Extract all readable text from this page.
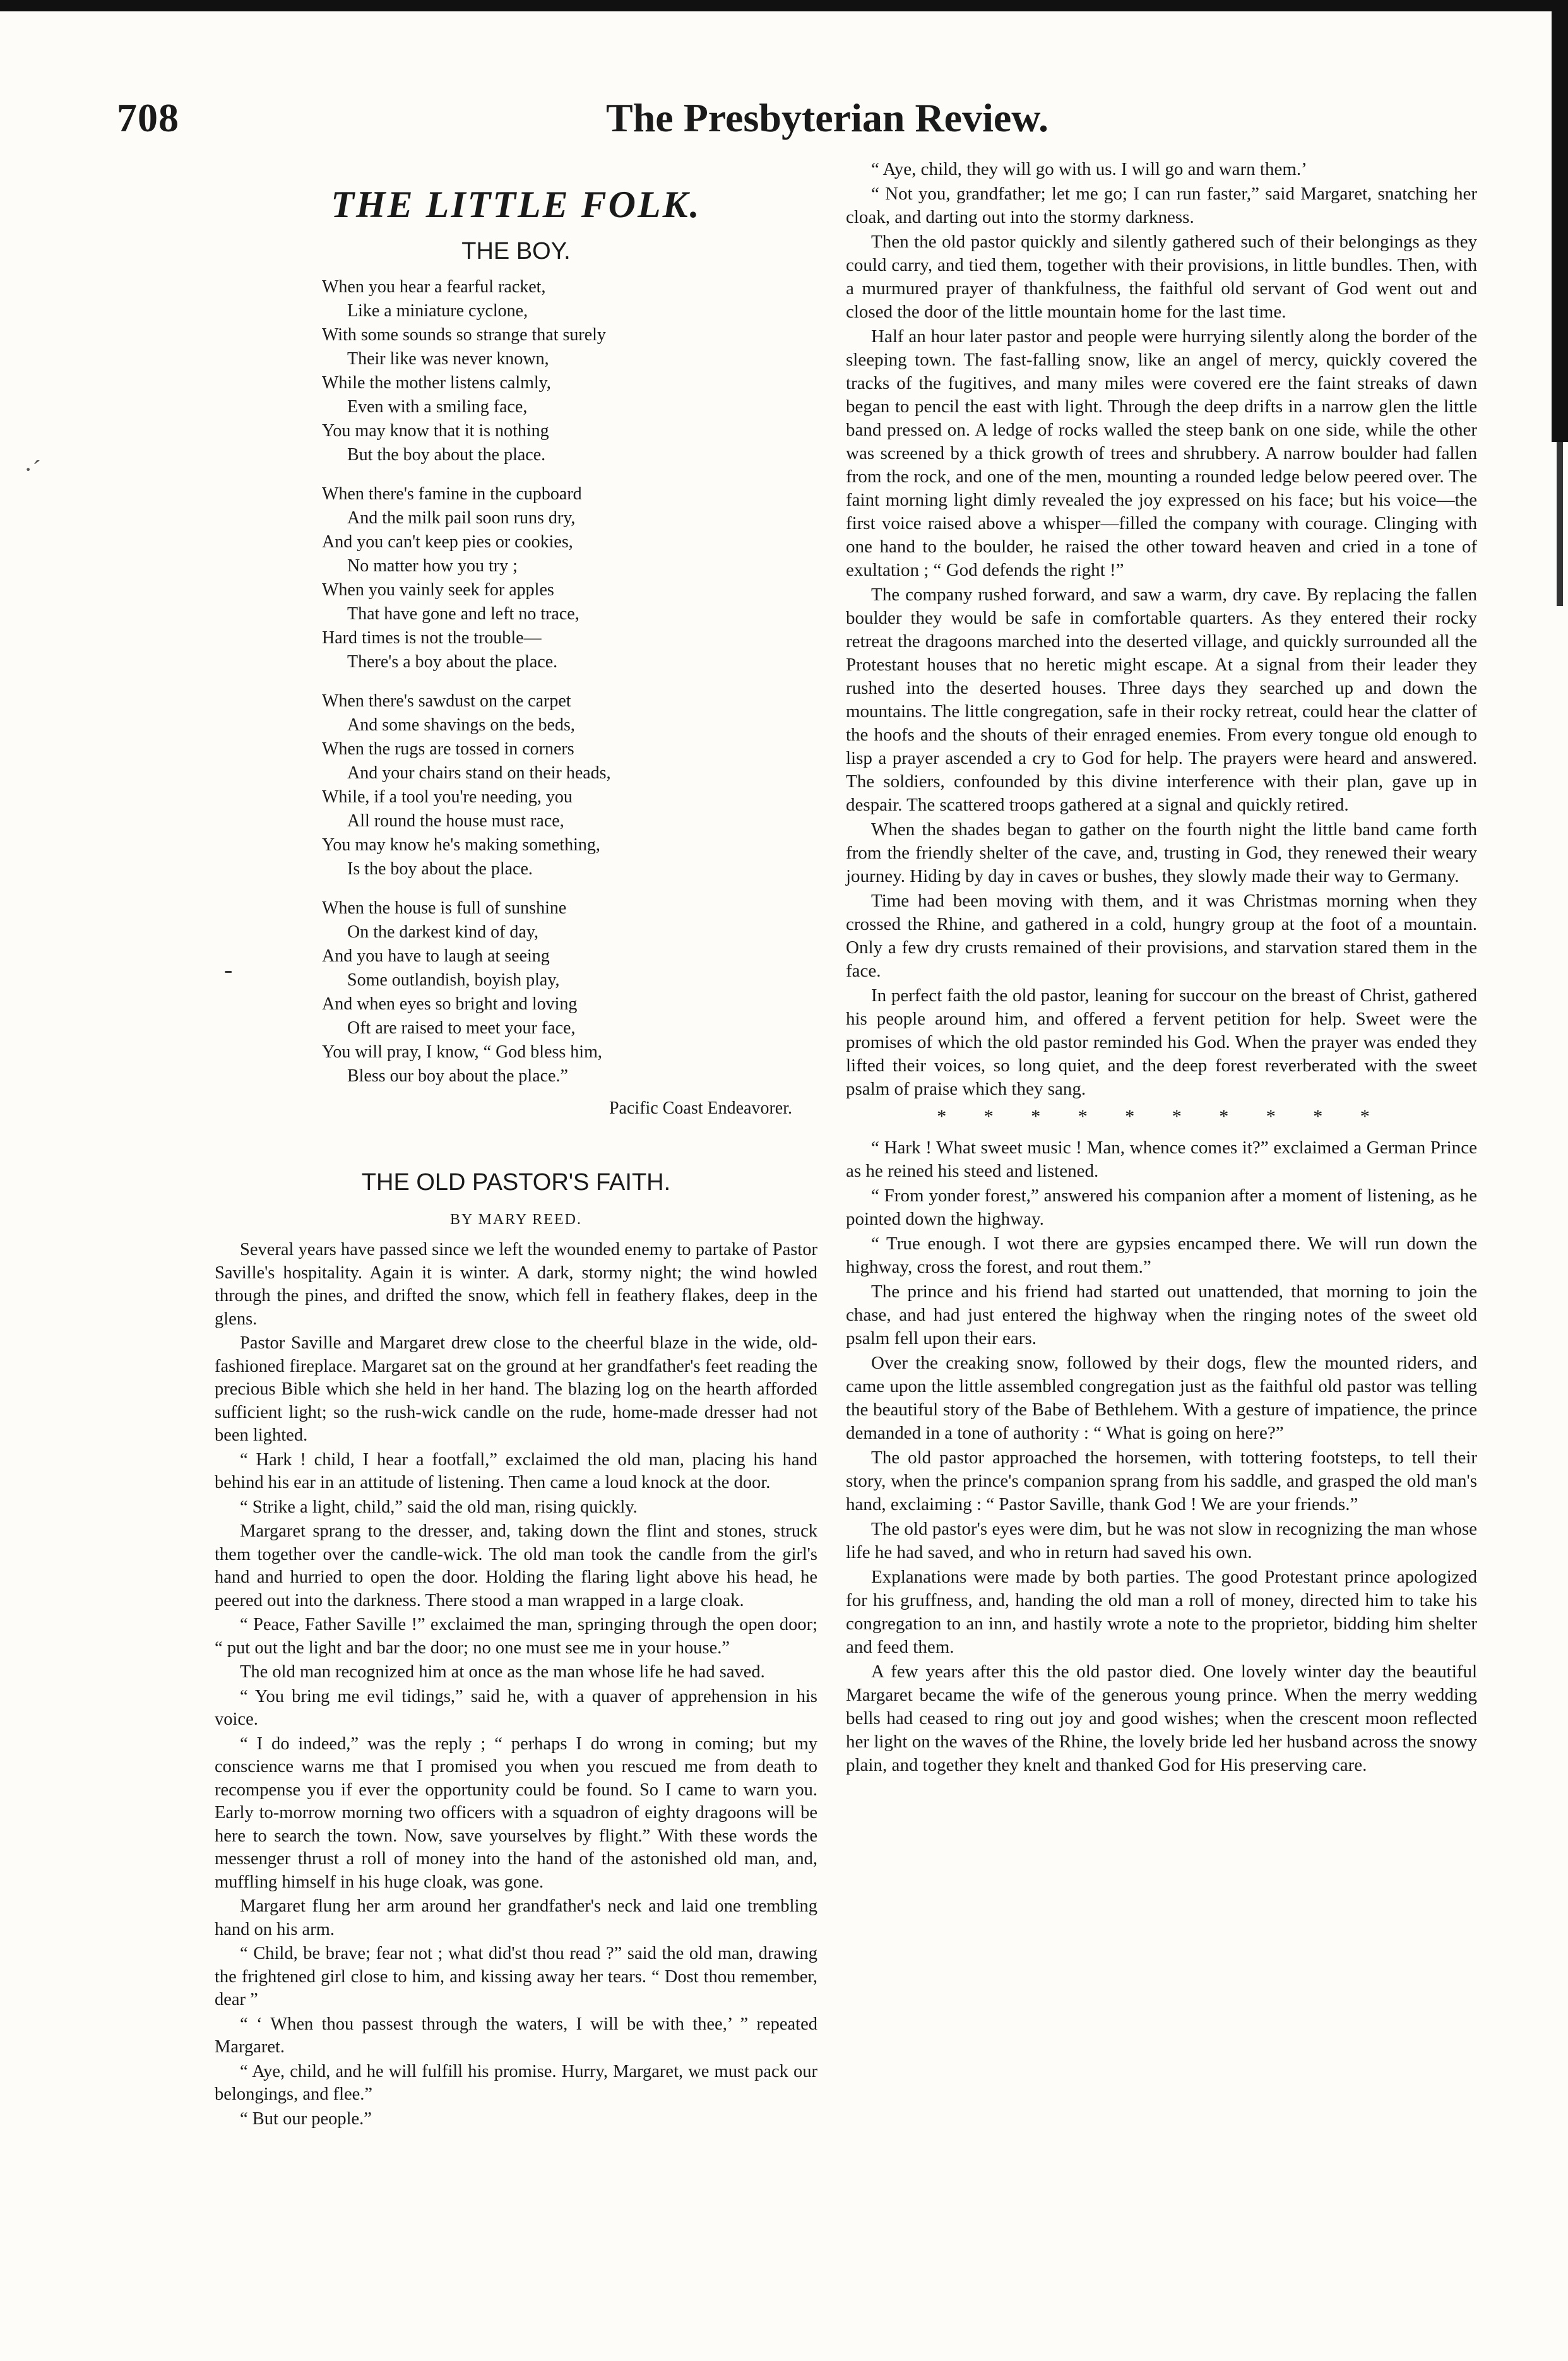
·´
-
708	The Presbyterian Review.
THE LITTLE FOLK.
THE BOY.
When you hear a fearful racket,
Like a miniature cyclone,
With some sounds so strange that surely
Their like was never known,
While the mother listens calmly,
Even with a smiling face,
You may know that it is nothing
But the boy about the place.
When there's famine in the cupboard
And the milk pail soon runs dry,
And you can't keep pies or cookies,
No matter how you try ;
When you vainly seek for apples
That have gone and left no trace,
Hard times is not the trouble—
There's a boy about the place.
When there's sawdust on the carpet
And some shavings on the beds,
When the rugs are tossed in corners
And your chairs stand on their heads,
While, if a tool you're needing, you
All round the house must race,
You may know he's making something,
Is the boy about the place.
When the house is full of sunshine
On the darkest kind of day,
And you have to laugh at seeing
Some outlandish, boyish play,
And when eyes so bright and loving
Oft are raised to meet your face,
You will pray, I know, “ God bless him,
Bless our boy about the place.”
Pacific Coast Endeavorer.
THE OLD PASTOR'S FAITH.
BY MARY REED.

Several years have passed since we left the wounded enemy to partake of Pastor Saville's hospitality. Again it is winter. A dark, stormy night; the wind howled through the pines, and drifted the snow, which fell in feathery flakes, deep in the glens.

Pastor Saville and Margaret drew close to the cheerful blaze in the wide, old-fashioned fireplace. Margaret sat on the ground at her grandfather's feet reading the precious Bible which she held in her hand. The blazing log on the hearth afforded sufficient light; so the rush-wick candle on the rude, home-made dresser had not been lighted.

“ Hark ! child, I hear a footfall,” exclaimed the old man, placing his hand behind his ear in an attitude of listening. Then came a loud knock at the door.

“ Strike a light, child,” said the old man, rising quickly.

Margaret sprang to the dresser, and, taking down the flint and stones, struck them together over the candle-wick. The old man took the candle from the girl's hand and hurried to open the door. Holding the flaring light above his head, he peered out into the darkness. There stood a man wrapped in a large cloak.

“ Peace, Father Saville !” exclaimed the man, springing through the open door; “ put out the light and bar the door; no one must see me in your house.”

The old man recognized him at once as the man whose life he had saved.

“ You bring me evil tidings,” said he, with a quaver of apprehension in his voice.

“ I do indeed,” was the reply ; “ perhaps I do wrong in coming; but my conscience warns me that I promised you when you rescued me from death to recompense you if ever the opportunity could be found. So I came to warn you. Early to-morrow morning two officers with a squadron of eighty dragoons will be here to search the town. Now, save yourselves by flight.” With these words the messenger thrust a roll of money into the hand of the astonished old man, and, muffling himself in his huge cloak, was gone.

Margaret flung her arm around her grandfather's neck and laid one trembling hand on his arm.

“ Child, be brave; fear not ; what did'st thou read ?” said the old man, drawing the frightened girl close to him, and kissing away her tears. “ Dost thou remember, dear ”

“ ‘ When thou passest through the waters, I will be with thee,’ ” repeated Margaret.

“ Aye, child, and he will fulfill his promise. Hurry, Margaret, we must pack our belongings, and flee.”

“ But our people.”

“ Aye, child, they will go with us. I will go and warn them.’

“ Not you, grandfather; let me go; I can run faster,” said Margaret, snatching her cloak, and darting out into the stormy darkness.

Then the old pastor quickly and silently gathered such of their belongings as they could carry, and tied them, together with their provisions, in little bundles. Then, with a murmured prayer of thankfulness, the faithful old servant of God went out and closed the door of the little mountain home for the last time.

Half an hour later pastor and people were hurrying silently along the border of the sleeping town. The fast-falling snow, like an angel of mercy, quickly covered the tracks of the fugitives, and many miles were covered ere the faint streaks of dawn began to pencil the east with light. Through the deep drifts in a narrow glen the little band pressed on. A ledge of rocks walled the steep bank on one side, while the other was screened by a thick growth of trees and shrubbery. A narrow boulder had fallen from the rock, and one of the men, mounting a rounded ledge below peered over. The faint morning light dimly revealed the joy expressed on his face; but his voice—the first voice raised above a whisper—filled the company with courage. Clinging with one hand to the boulder, he raised the other toward heaven and cried in a tone of exultation ; “ God defends the right !”

The company rushed forward, and saw a warm, dry cave. By replacing the fallen boulder they would be safe in comfortable quarters. As they entered their rocky retreat the dragoons marched into the deserted village, and quickly surrounded all the Protestant houses that no heretic might escape. At a signal from their leader they rushed into the deserted houses. Three days they searched up and down the mountains. The little congregation, safe in their rocky retreat, could hear the clatter of the hoofs and the shouts of their enraged enemies. From every tongue old enough to lisp a prayer ascended a cry to God for help. The prayers were heard and answered. The soldiers, confounded by this divine interference with their plan, gave up in despair. The scattered troops gathered at a signal and quickly retired.

When the shades began to gather on the fourth night the little band came forth from the friendly shelter of the cave, and, trusting in God, they renewed their weary journey. Hiding by day in caves or bushes, they slowly made their way to Germany.

Time had been moving with them, and it was Christmas morning when they crossed the Rhine, and gathered in a cold, hungry group at the foot of a mountain. Only a few dry crusts remained of their provisions, and starvation stared them in the face.

In perfect faith the old pastor, leaning for succour on the breast of Christ, gathered his people around him, and offered a fervent petition for help. Sweet were the promises of which the old pastor reminded his God. When the prayer was ended they lifted their voices, so long quiet, and the deep forest reverberated with the sweet psalm of praise which they sang.

* * * * * * * * * *

“ Hark ! What sweet music ! Man, whence comes it?” exclaimed a German Prince as he reined his steed and listened.

“ From yonder forest,” answered his companion after a moment of listening, as he pointed down the highway.

“ True enough. I wot there are gypsies encamped there. We will run down the highway, cross the forest, and rout them.”

The prince and his friend had started out unattended, that morning to join the chase, and had just entered the highway when the ringing notes of the sweet old psalm fell upon their ears.

Over the creaking snow, followed by their dogs, flew the mounted riders, and came upon the little assembled congregation just as the faithful old pastor was telling the beautiful story of the Babe of Bethlehem. With a gesture of impatience, the prince demanded in a tone of authority : “ What is going on here?”

The old pastor approached the horsemen, with tottering footsteps, to tell their story, when the prince's companion sprang from his saddle, and grasped the old man's hand, exclaiming : “ Pastor Saville, thank God ! We are your friends.”

The old pastor's eyes were dim, but he was not slow in recognizing the man whose life he had saved, and who in return had saved his own.

Explanations were made by both parties. The good Protestant prince apologized for his gruffness, and, handing the old man a roll of money, directed him to take his congregation to an inn, and hastily wrote a note to the proprietor, bidding him shelter and feed them.

A few years after this the old pastor died. One lovely winter day the beautiful Margaret became the wife of the generous young prince. When the merry wedding bells had ceased to ring out joy and good wishes; when the crescent moon reflected her light on the waves of the Rhine, the lovely bride led her husband across the snowy plain, and together they knelt and thanked God for His preserving care.
